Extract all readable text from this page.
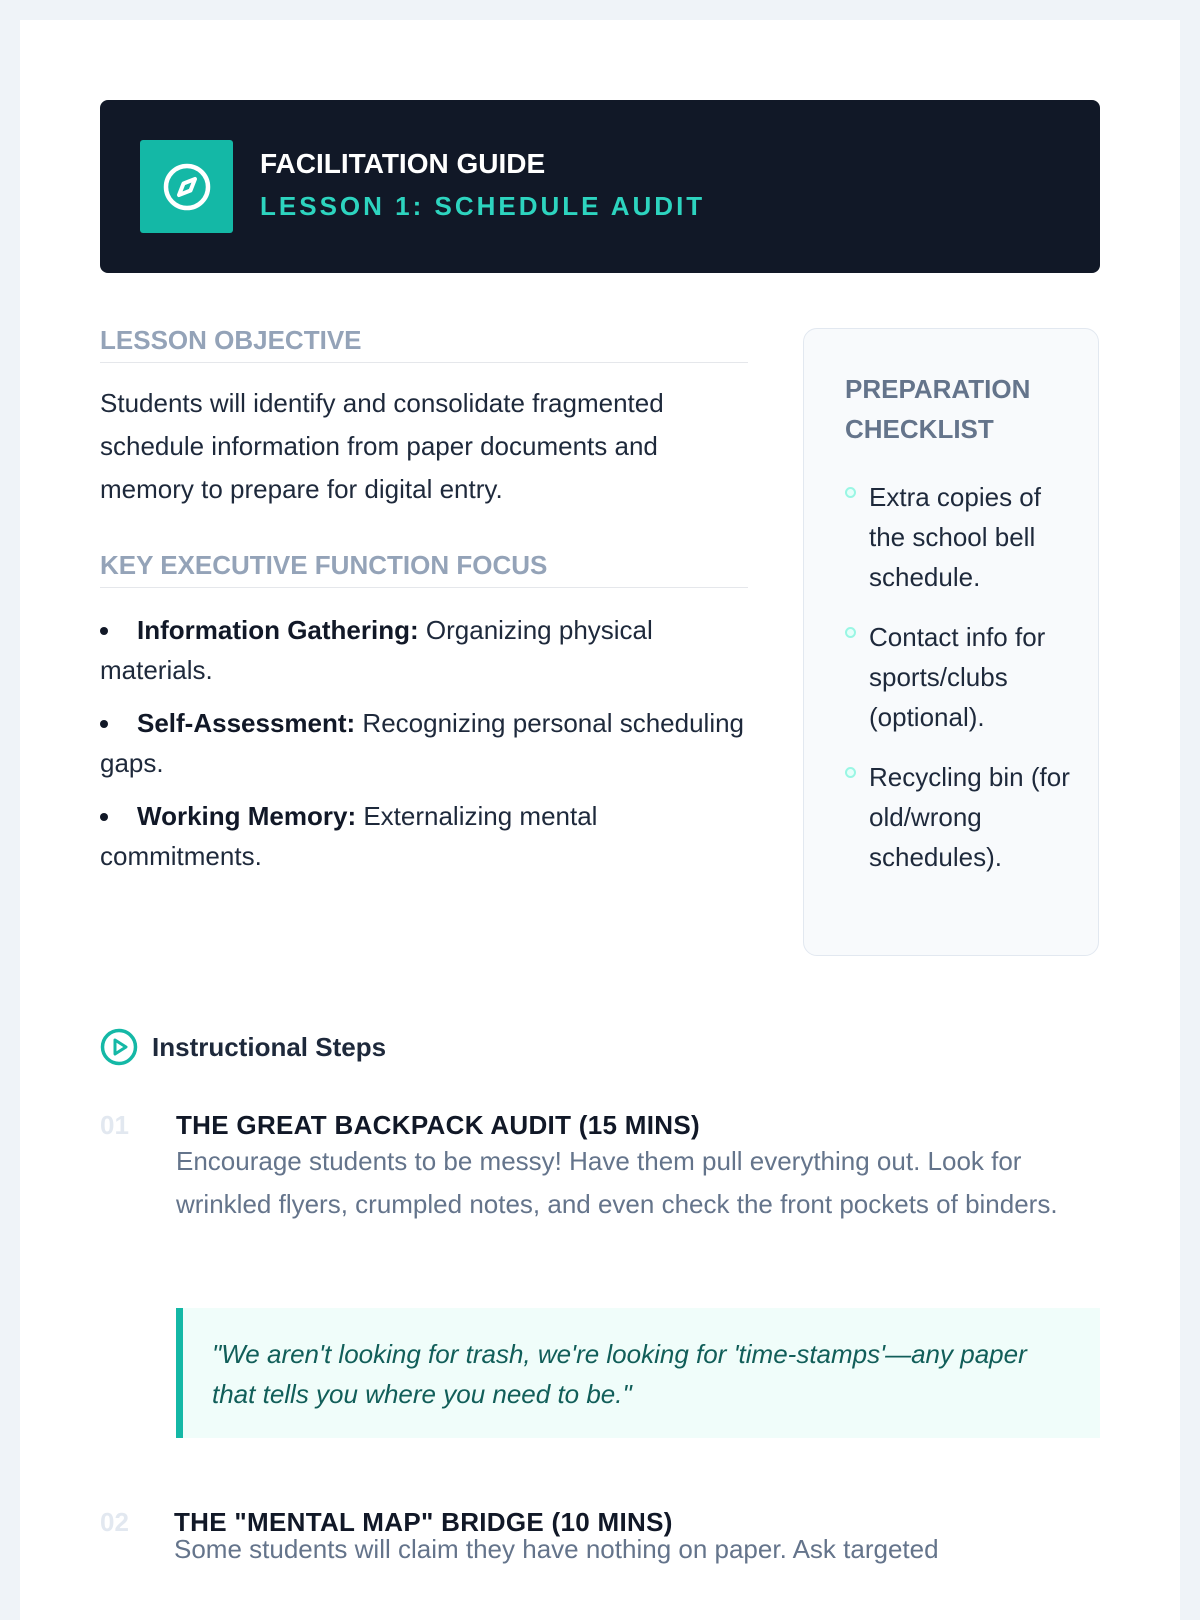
FACILITATION GUIDE
LESSON 1: SCHEDULE AUDIT
LESSON OBJECTIVE
Students will identify and consolidate fragmented schedule information from paper documents and memory to prepare for digital entry.
KEY EXECUTIVE FUNCTION FOCUS
Information Gathering: Organizing physical materials.
Self-Assessment: Recognizing personal scheduling gaps.
Working Memory: Externalizing mental commitments.
PREPARATION CHECKLIST
Extra copies of the school bell schedule.
Contact info for sports/clubs (optional).
Recycling bin (for old/wrong schedules).
Instructional Steps
01 THE GREAT BACKPACK AUDIT (15 MINS)
Encourage students to be messy! Have them pull everything out. Look for wrinkled flyers, crumpled notes, and even check the front pockets of binders.
"We aren't looking for trash, we're looking for 'time-stamps'—any paper that tells you where you need to be."
02 THE "MENTAL MAP" BRIDGE (10 MINS)
Some students will claim they have nothing on paper. Ask targeted
